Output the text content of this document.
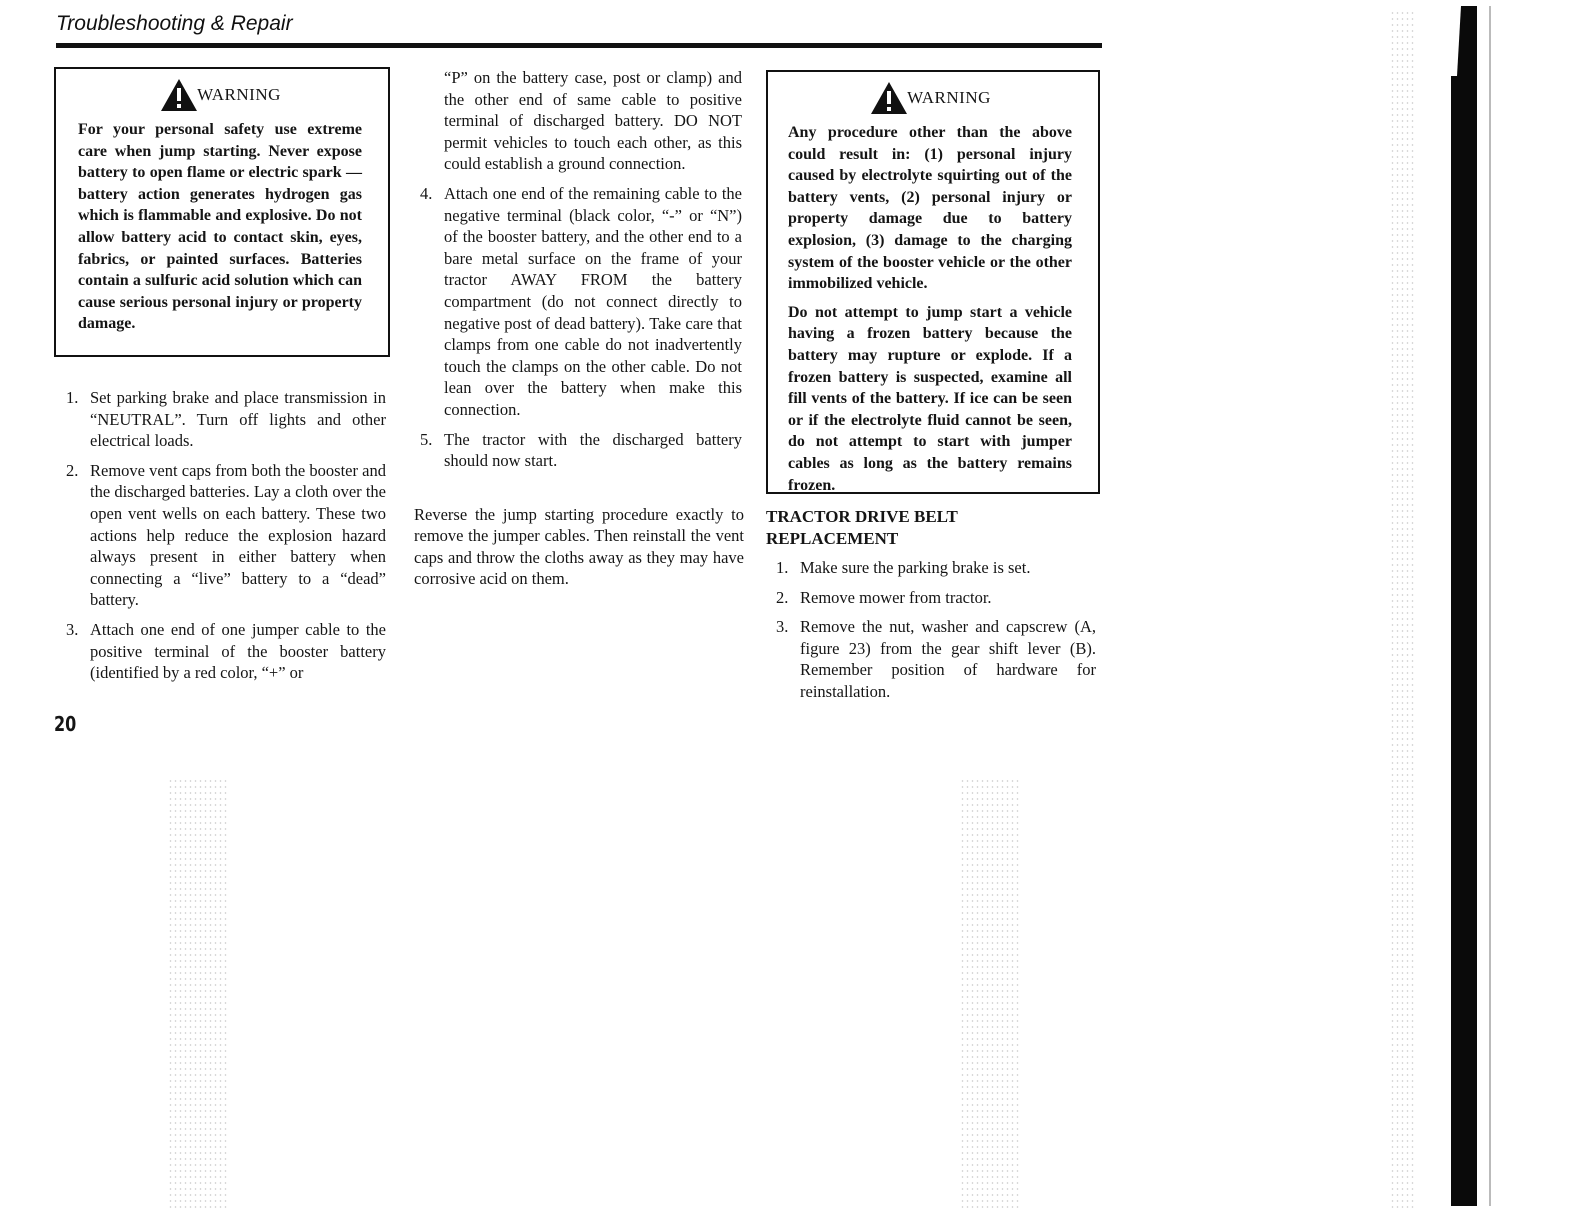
Troubleshooting & Repair
WARNING

For your personal safety use extreme care when jump starting. Never expose battery to open flame or electric spark — battery action generates hydrogen gas which is flammable and explosive. Do not allow battery acid to contact skin, eyes, fabrics, or painted surfaces. Batteries contain a sulfuric acid solution which can cause serious personal injury or property damage.

1. Set parking brake and place transmission in “NEUTRAL”. Turn off lights and other electrical loads.
2. Remove vent caps from both the booster and the discharged batteries. Lay a cloth over the open vent wells on each battery. These two actions help reduce the explosion hazard always present in either battery when connecting a “live” battery to a “dead” battery.
3. Attach one end of one jumper cable to the positive terminal of the booster battery (identified by a red color, “+” or
“P” on the battery case, post or clamp) and the other end of same cable to positive terminal of discharged battery. DO NOT permit vehicles to touch each other, as this could establish a ground connection.
4. Attach one end of the remaining cable to the negative terminal (black color, “-” or “N”) of the booster battery, and the other end to a bare metal surface on the frame of your tractor AWAY FROM the battery compartment (do not connect directly to negative post of dead battery). Take care that clamps from one cable do not inadvertently touch the clamps on the other cable. Do not lean over the battery when make this connection.
5. The tractor with the discharged battery should now start.

Reverse the jump starting procedure exactly to remove the jumper cables. Then reinstall the vent caps and throw the cloths away as they may have corrosive acid on them.

WARNING

Any procedure other than the above could result in: (1) personal injury caused by electrolyte squirting out of the battery vents, (2) personal injury or property damage due to battery explosion, (3) damage to the charging system of the booster vehicle or the other immobilized vehicle.

Do not attempt to jump start a vehicle having a frozen battery because the battery may rupture or explode. If a frozen battery is suspected, examine all fill vents of the battery. If ice can be seen or if the electrolyte fluid cannot be seen, do not attempt to start with jumper cables as long as the battery remains frozen.

TRACTOR DRIVE BELT
REPLACEMENT
1. Make sure the parking brake is set.
2. Remove mower from tractor.
3. Remove the nut, washer and capscrew (A, figure 23) from the gear shift lever (B). Remember position of hardware for reinstallation.
20
